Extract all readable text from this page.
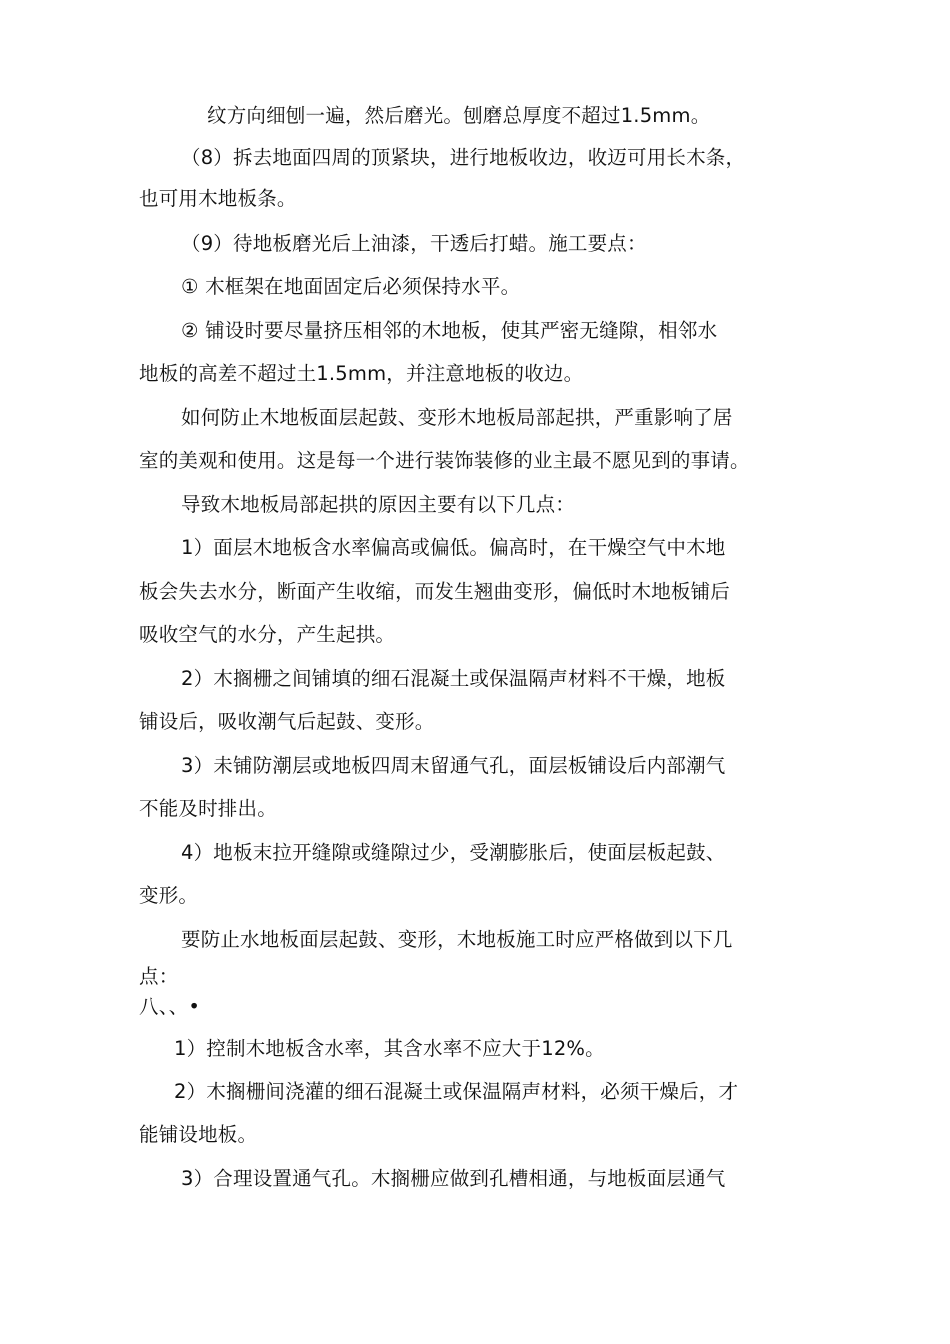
纹方向细刨一遍，然后磨光。刨磨总厚度不超过1.5mm。
（8）拆去地面四周的顶紧块，进行地板收边，收迈可用长木条，
也可用木地板条。
（9）待地板磨光后上油漆，干透后打蜡。施工要点：
① 木框架在地面固定后必须保持水平。
② 铺设时要尽量挤压相邻的木地板，使其严密无缝隙，相邻水
地板的高差不超过土1.5mm，并注意地板的收边。
如何防止木地板面层起鼓、变形木地板局部起拱，严重影响了居
室的美观和使用。这是每一个进行装饰装修的业主最不愿见到的事请。
导致木地板局部起拱的原因主要有以下几点：
1）面层木地板含水率偏高或偏低。偏高时，在干燥空气中木地
板会失去水分，断面产生收缩，而发生翘曲变形，偏低时木地板铺后
吸收空气的水分，产生起拱。
2）木搁栅之间铺填的细石混凝土或保温隔声材料不干燥，地板
铺设后，吸收潮气后起鼓、变形。
3）未铺防潮层或地板四周末留通气孔，面层板铺设后内部潮气
不能及时排出。
4）地板末拉开缝隙或缝隙过少，受潮膨胀后，使面层板起鼓、
变形。
要防止水地板面层起鼓、变形，木地板施工时应严格做到以下几
点：
八、、•
1）控制木地板含水率，其含水率不应大于12%。
2）木搁栅间浇灌的细石混凝土或保温隔声材料，必须干燥后，才
能铺设地板。
3）合理设置通气孔。木搁栅应做到孔槽相通，与地板面层通气
